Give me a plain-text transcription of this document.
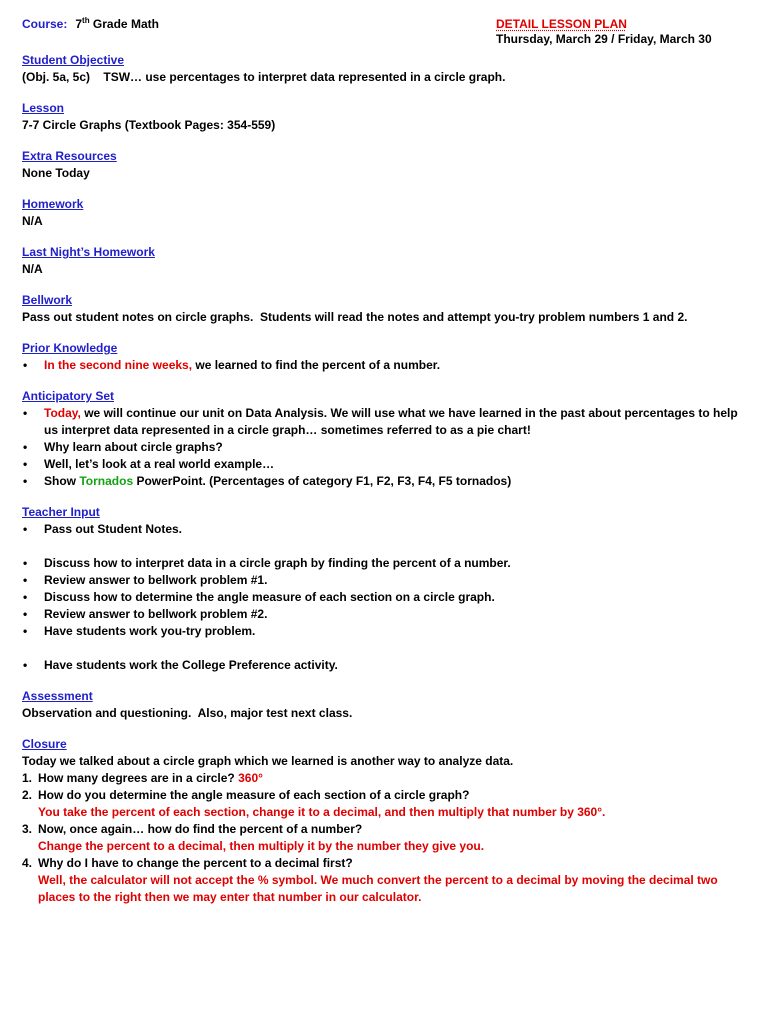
Course: 7th Grade Math	DETAIL LESSON PLAN
Thursday, March 29 / Friday, March 30
Student Objective
(Obj. 5a, 5c)    TSW… use percentages to interpret data represented in a circle graph.
Lesson
7-7 Circle Graphs (Textbook Pages: 354-559)
Extra Resources
None Today
Homework
N/A
Last Night’s Homework
N/A
Bellwork
Pass out student notes on circle graphs.  Students will read the notes and attempt you-try problem numbers 1 and 2.
Prior Knowledge
• In the second nine weeks, we learned to find the percent of a number.
Anticipatory Set
• Today, we will continue our unit on Data Analysis. We will use what we have learned in the past about percentages to help us interpret data represented in a circle graph… sometimes referred to as a pie chart!
• Why learn about circle graphs?
• Well, let’s look at a real world example…
• Show Tornados PowerPoint. (Percentages of category F1, F2, F3, F4, F5 tornados)
Teacher Input
• Pass out Student Notes.
• Discuss how to interpret data in a circle graph by finding the percent of a number.
• Review answer to bellwork problem #1.
• Discuss how to determine the angle measure of each section on a circle graph.
• Review answer to bellwork problem #2.
• Have students work you-try problem.
• Have students work the College Preference activity.
Assessment
Observation and questioning.  Also, major test next class.
Closure
Today we talked about a circle graph which we learned is another way to analyze data.
1. How many degrees are in a circle? 360°
2. How do you determine the angle measure of each section of a circle graph?
You take the percent of each section, change it to a decimal, and then multiply that number by 360°.
3. Now, once again… how do find the percent of a number?
Change the percent to a decimal, then multiply it by the number they give you.
4. Why do I have to change the percent to a decimal first?
Well, the calculator will not accept the % symbol. We much convert the percent to a decimal by moving the decimal two places to the right then we may enter that number in our calculator.
